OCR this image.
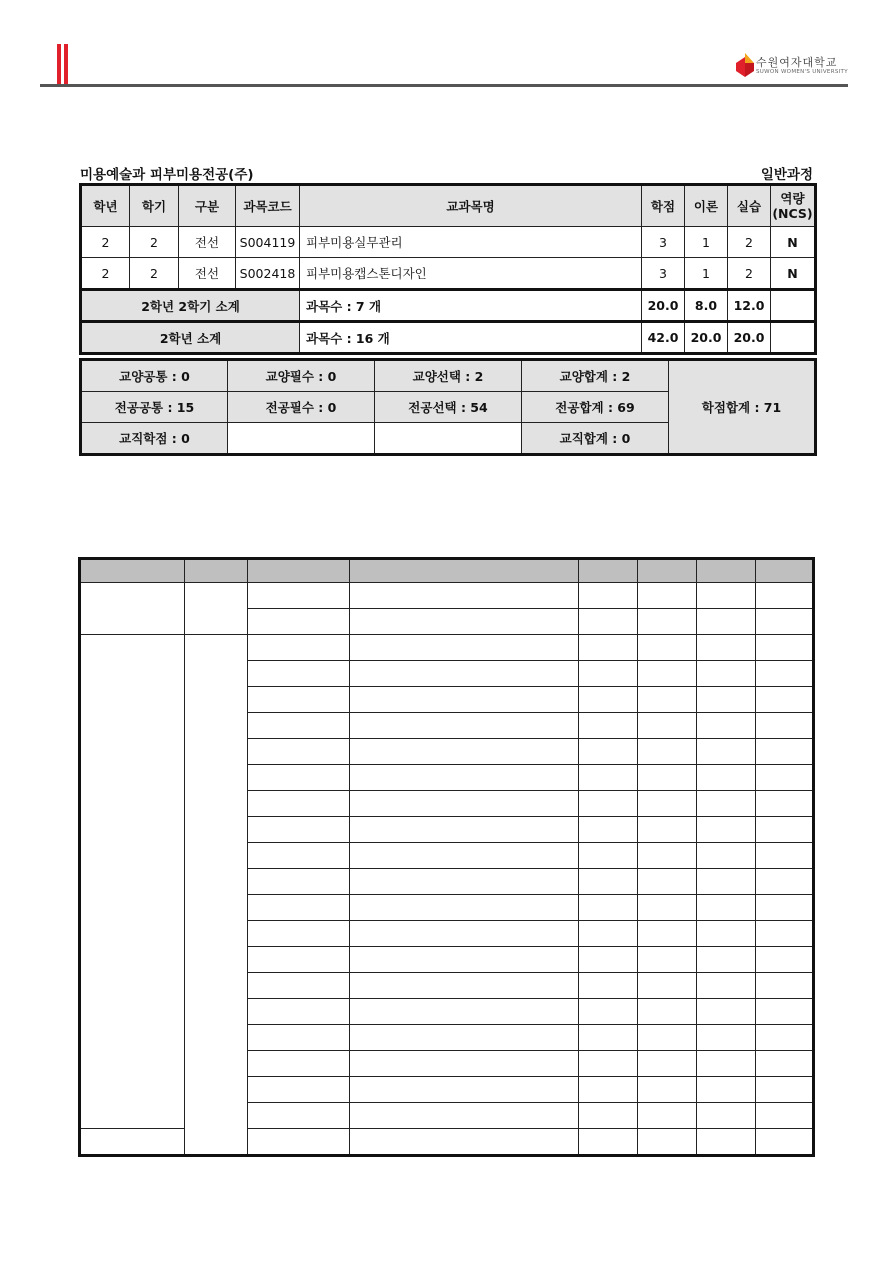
수원여자대학교
SUWON WOMEN'S UNIVERSITY
미용예술과 피부미용전공(주)	일반과정
학년	학기	구분	과목코드	교과목명	학점	이론	실습	역량
(NCS)
2	2	전선	S004119	피부미용실무관리	3	1	2	N
2	2	전선	S002418	피부미용캡스톤디자인	3	1	2	N
2학년 2학기 소계				과목수 : 7 개	20.0	8.0	12.0	
2학년 소계				과목수 : 16 개	42.0	20.0	20.0	
교양공통 : 0	교양필수 : 0	교양선택 : 2	교양합계 : 2	학점합계 : 71
전공공통 : 15	전공필수 : 0	전공선택 : 54	전공합계 : 69	
교직학점 : 0			교직합계 : 0	
